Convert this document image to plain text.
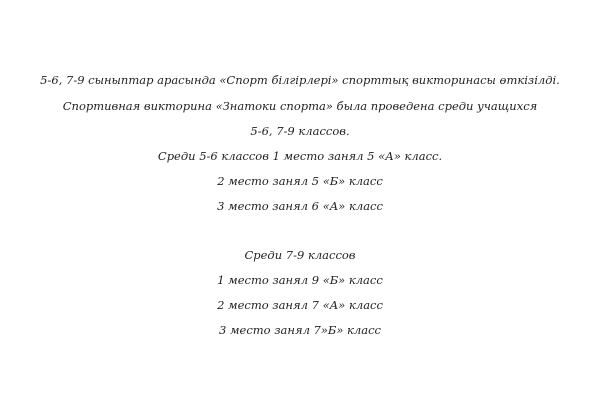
5-6, 7-9 сыныптар арасында «Спорт білгірлері» спорттық викторинасы өткізілді.
Спортивная викторина «Знатоки спорта» была проведена среди учащихся
5-6, 7-9 классов.
Среди 5-6 классов 1 место занял 5 «А» класс.
2 место занял 5 «Б» класс
3 место занял 6 «А» класс
Среди 7-9 классов
1 место занял 9 «Б» класс
2 место занял 7 «А» класс
3 место занял 7»Б» класс
